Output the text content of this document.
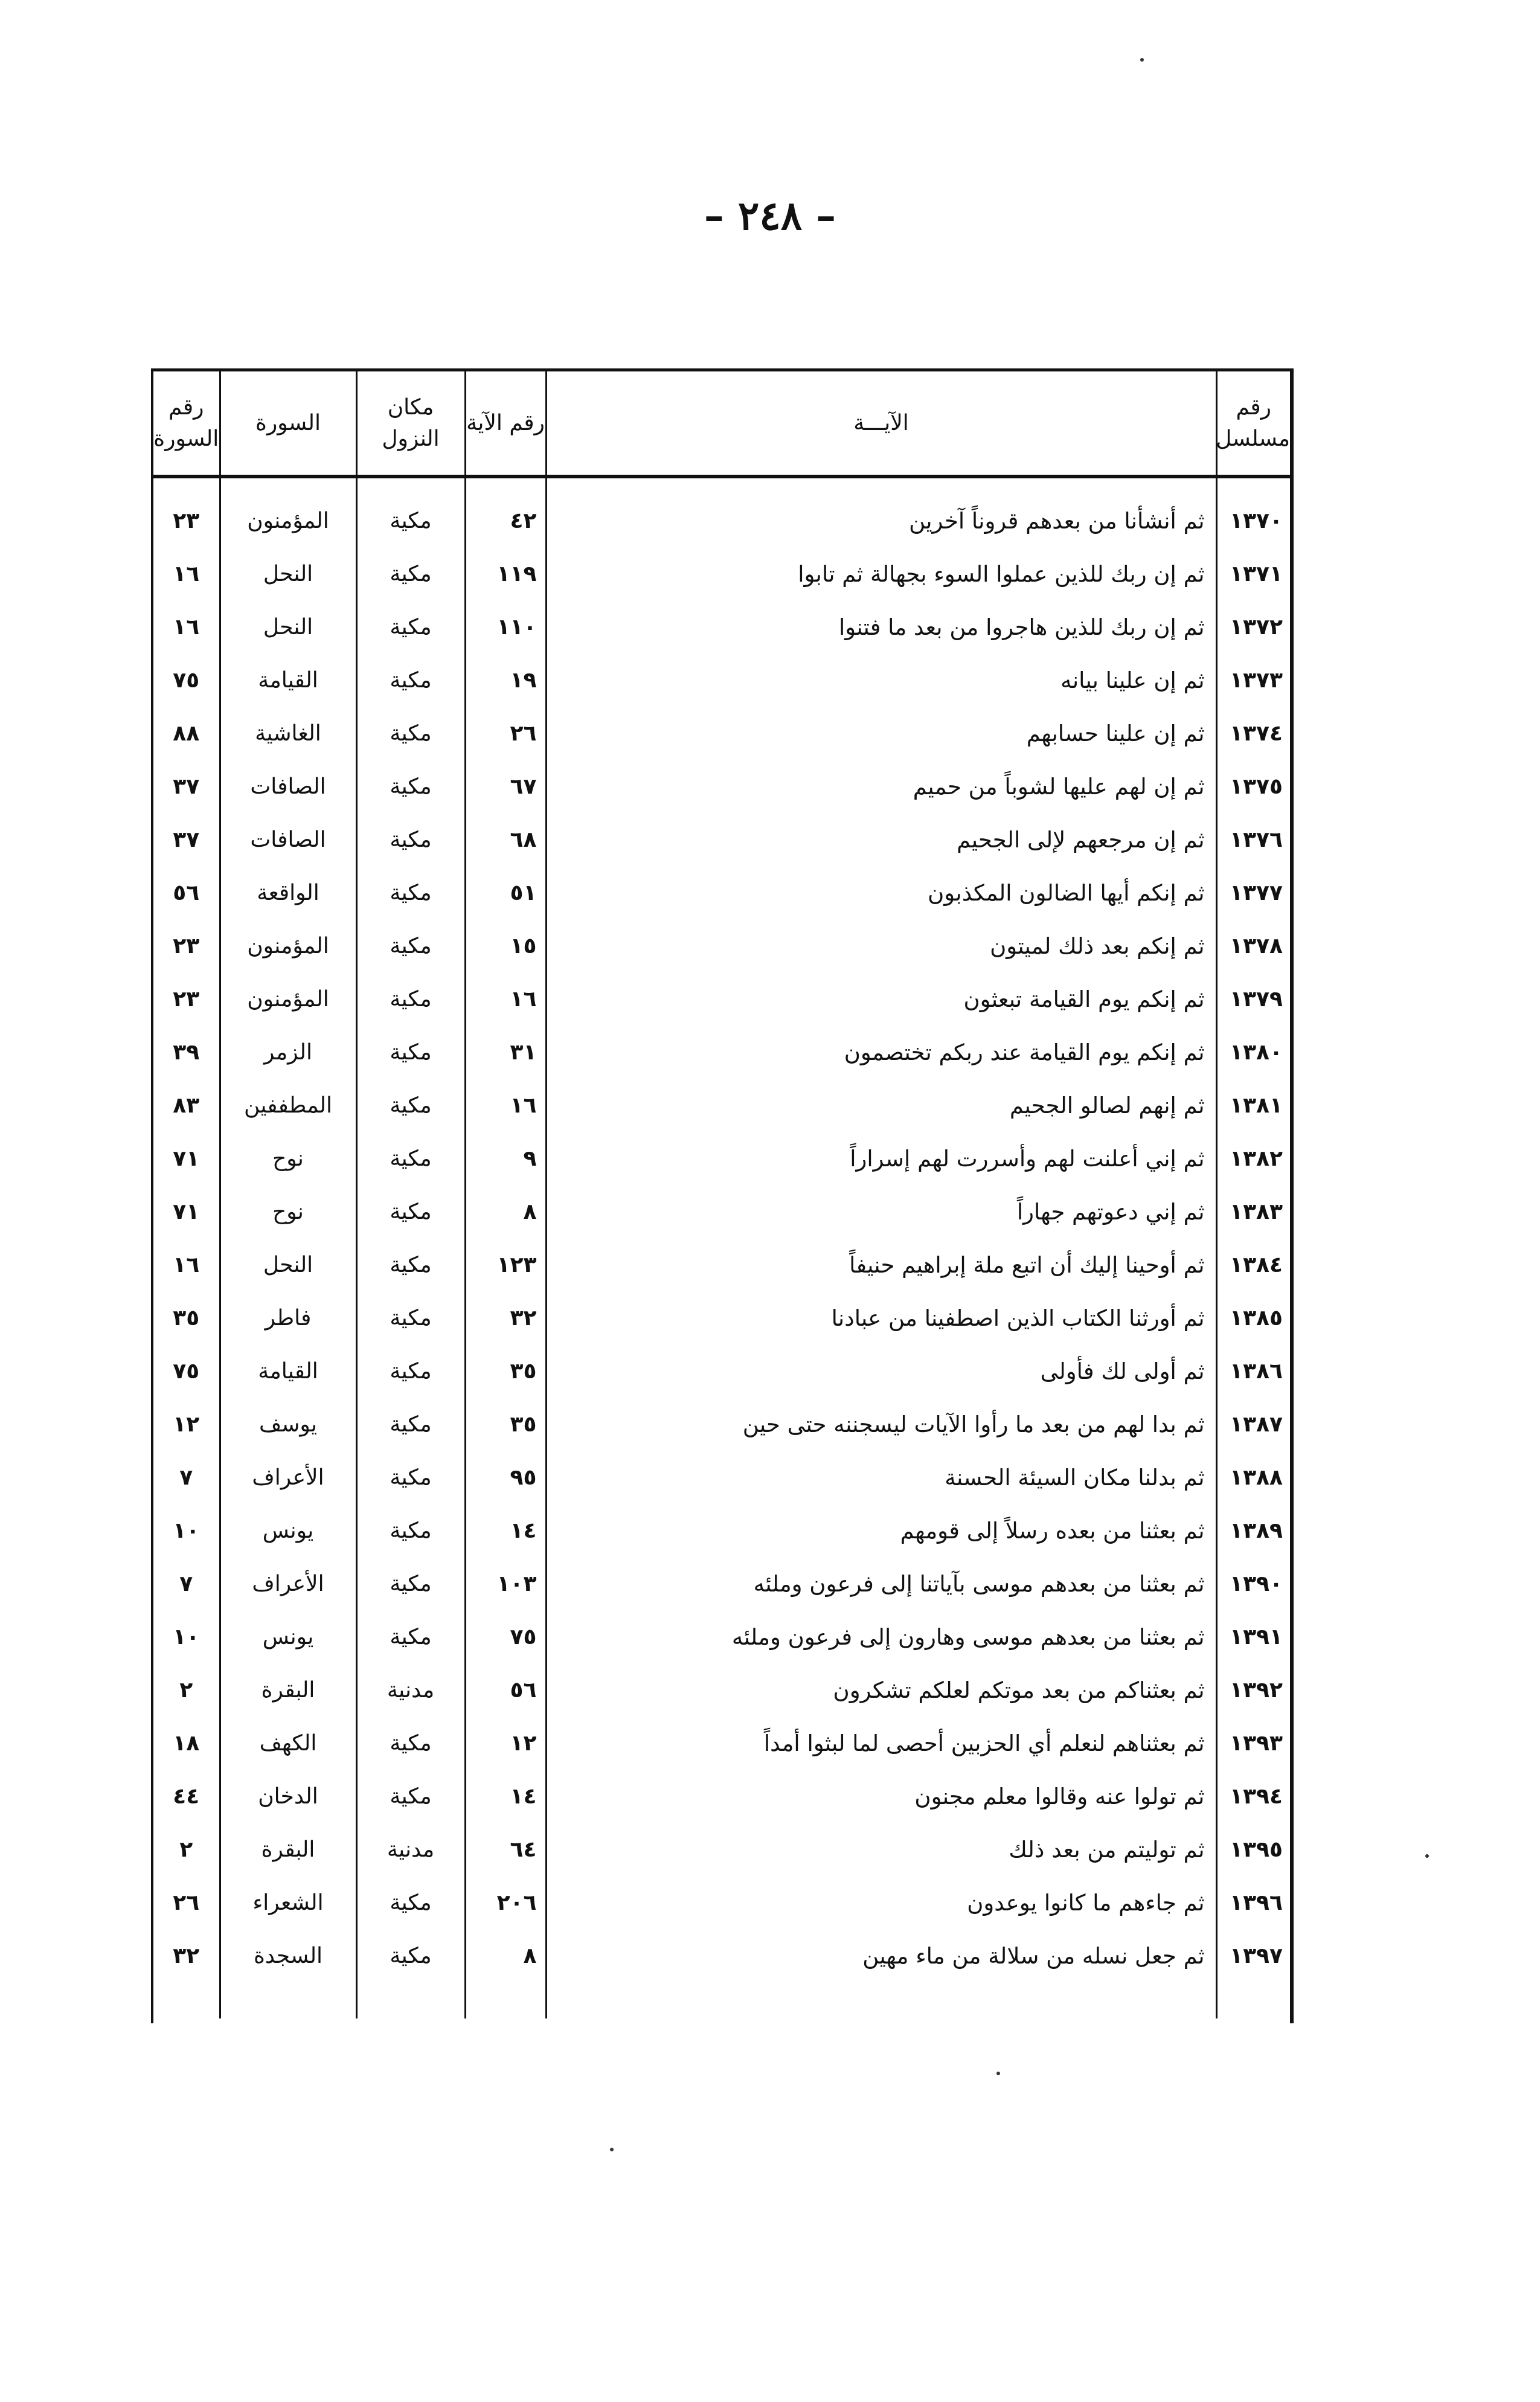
– ٢٤٨ –
رقم مسلسل	الآيـــة	رقم الآية	مكان النزول	السورة	رقم السورة

١٣٧٠	ثم أنشأنا من بعدهم قروناً آخرين	٤٢	مكية	المؤمنون	٢٣
١٣٧١	ثم إن ربك للذين عملوا السوء بجهالة ثم تابوا	١١٩	مكية	النحل	١٦
١٣٧٢	ثم إن ربك للذين هاجروا من بعد ما فتنوا	١١٠	مكية	النحل	١٦
١٣٧٣	ثم إن علينا بيانه	١٩	مكية	القيامة	٧٥
١٣٧٤	ثم إن علينا حسابهم	٢٦	مكية	الغاشية	٨٨
١٣٧٥	ثم إن لهم عليها لشوباً من حميم	٦٧	مكية	الصافات	٣٧
١٣٧٦	ثم إن مرجعهم لإلى الجحيم	٦٨	مكية	الصافات	٣٧
١٣٧٧	ثم إنكم أيها الضالون المكذبون	٥١	مكية	الواقعة	٥٦
١٣٧٨	ثم إنكم بعد ذلك لميتون	١٥	مكية	المؤمنون	٢٣
١٣٧٩	ثم إنكم يوم القيامة تبعثون	١٦	مكية	المؤمنون	٢٣
١٣٨٠	ثم إنكم يوم القيامة عند ربكم تختصمون	٣١	مكية	الزمر	٣٩
١٣٨١	ثم إنهم لصالو الجحيم	١٦	مكية	المطففين	٨٣
١٣٨٢	ثم إني أعلنت لهم وأسررت لهم إسراراً	٩	مكية	نوح	٧١
١٣٨٣	ثم إني دعوتهم جهاراً	٨	مكية	نوح	٧١
١٣٨٤	ثم أوحينا إليك أن اتبع ملة إبراهيم حنيفاً	١٢٣	مكية	النحل	١٦
١٣٨٥	ثم أورثنا الكتاب الذين اصطفينا من عبادنا	٣٢	مكية	فاطر	٣٥
١٣٨٦	ثم أولى لك فأولى	٣٥	مكية	القيامة	٧٥
١٣٨٧	ثم بدا لهم من بعد ما رأوا الآيات ليسجننه حتى حين	٣٥	مكية	يوسف	١٢
١٣٨٨	ثم بدلنا مكان السيئة الحسنة	٩٥	مكية	الأعراف	٧
١٣٨٩	ثم بعثنا من بعده رسلاً إلى قومهم	١٤	مكية	يونس	١٠
١٣٩٠	ثم بعثنا من بعدهم موسى بآياتنا إلى فرعون وملئه	١٠٣	مكية	الأعراف	٧
١٣٩١	ثم بعثنا من بعدهم موسى وهارون إلى فرعون وملئه	٧٥	مكية	يونس	١٠
١٣٩٢	ثم بعثناكم من بعد موتكم لعلكم تشكرون	٥٦	مدنية	البقرة	٢
١٣٩٣	ثم بعثناهم لنعلم أي الحزبين أحصى لما لبثوا أمداً	١٢	مكية	الكهف	١٨
١٣٩٤	ثم تولوا عنه وقالوا معلم مجنون	١٤	مكية	الدخان	٤٤
١٣٩٥	ثم توليتم من بعد ذلك	٦٤	مدنية	البقرة	٢
١٣٩٦	ثم جاءهم ما كانوا يوعدون	٢٠٦	مكية	الشعراء	٢٦
١٣٩٧	ثم جعل نسله من سلالة من ماء مهين	٨	مكية	السجدة	٣٢
